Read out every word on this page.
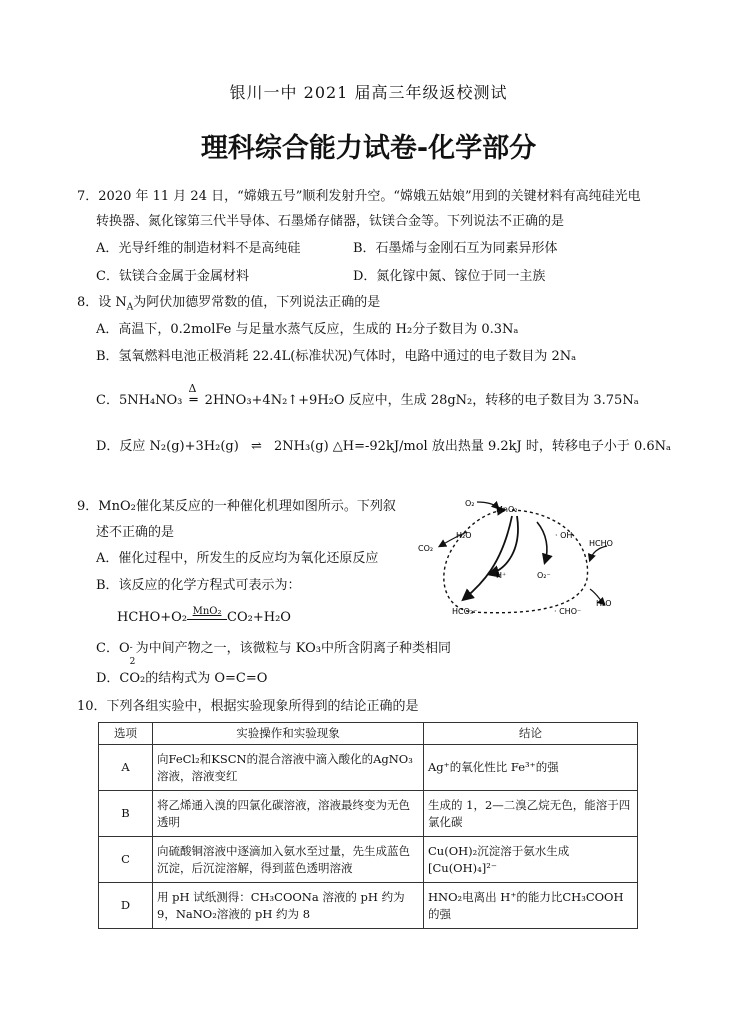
银川一中 2021 届高三年级返校测试
理科综合能力试卷-化学部分
7．2020 年 11 月 24 日，“嫦娥五号”顺利发射升空。“嫦娥五姑娘”用到的关键材料有高纯硅光电
转换器、氮化镓第三代半导体、石墨烯存储器，钛镁合金等。下列说法不正确的是
A．光导纤维的制造材料不是高纯硅	B．石墨烯与金刚石互为同素异形体
C．钛镁合金属于金属材料	D．氮化镓中氮、镓位于同一主族
8．设 $N_A$为阿伏加德罗常数的值，下列说法正确的是
A．高温下，0.2molFe 与足量水蒸气反应，生成的 H₂分子数目为 0.3Nₐ
B．氢氧燃料电池正极消耗 22.4L(标准状况)气体时，电路中通过的电子数目为 2Nₐ
C．5NH₄NO₃
Δ
═ 2HNO₃+4N₂↑+9H₂O 反应中，生成 28gN₂，转移的电子数目为 3.75Nₐ
D．反应 N₂(g)+3H₂(g) ⇌ 2NH₃(g) △H=-92kJ/mol 放出热量 9.2kJ 时，转移电子小于 0.6Nₐ
9．MnO₂催化某反应的一种催化机理如图所示。下列叙
述不正确的是
A．催化过程中，所发生的反应均为氧化还原反应
B．该反应的化学方程式可表示为：
HCHO+O₂ MnO₂ CO₂+H₂O
C．O -
2
为中间产物之一，该微粒与 KO₃中所含阴离子种类相同
D．CO₂的结构式为 O=C=O
O₂
MnO₂
H₂O
CO₂
H⁺
· OH
HCHO
O₂⁻
H₂O
HCO₃⁻	· CHO⁻
10．下列各组实验中，根据实验现象所得到的结论正确的是
选项	实验操作和实验现象	结论
A	向FeCl₂和KSCN的混合溶液中滴入酸化的AgNO₃溶液，溶液变红	Ag⁺的氧化性比 Fe³⁺的强
B	将乙烯通入溴的四氯化碳溶液，溶液最终变为无色透明	生成的 1，2—二溴乙烷无色，能溶于四氯化碳
C	向硫酸铜溶液中逐滴加入氨水至过量，先生成蓝色沉淀，后沉淀溶解，得到蓝色透明溶液	Cu(OH)₂沉淀溶于氨水生成[Cu(OH)₄]²⁻
D	用 pH 试纸测得：CH₃COONa 溶液的 pH 约为 9，NaNO₂溶液的 pH 约为 8	HNO₂电离出 H⁺的能力比CH₃COOH的强
